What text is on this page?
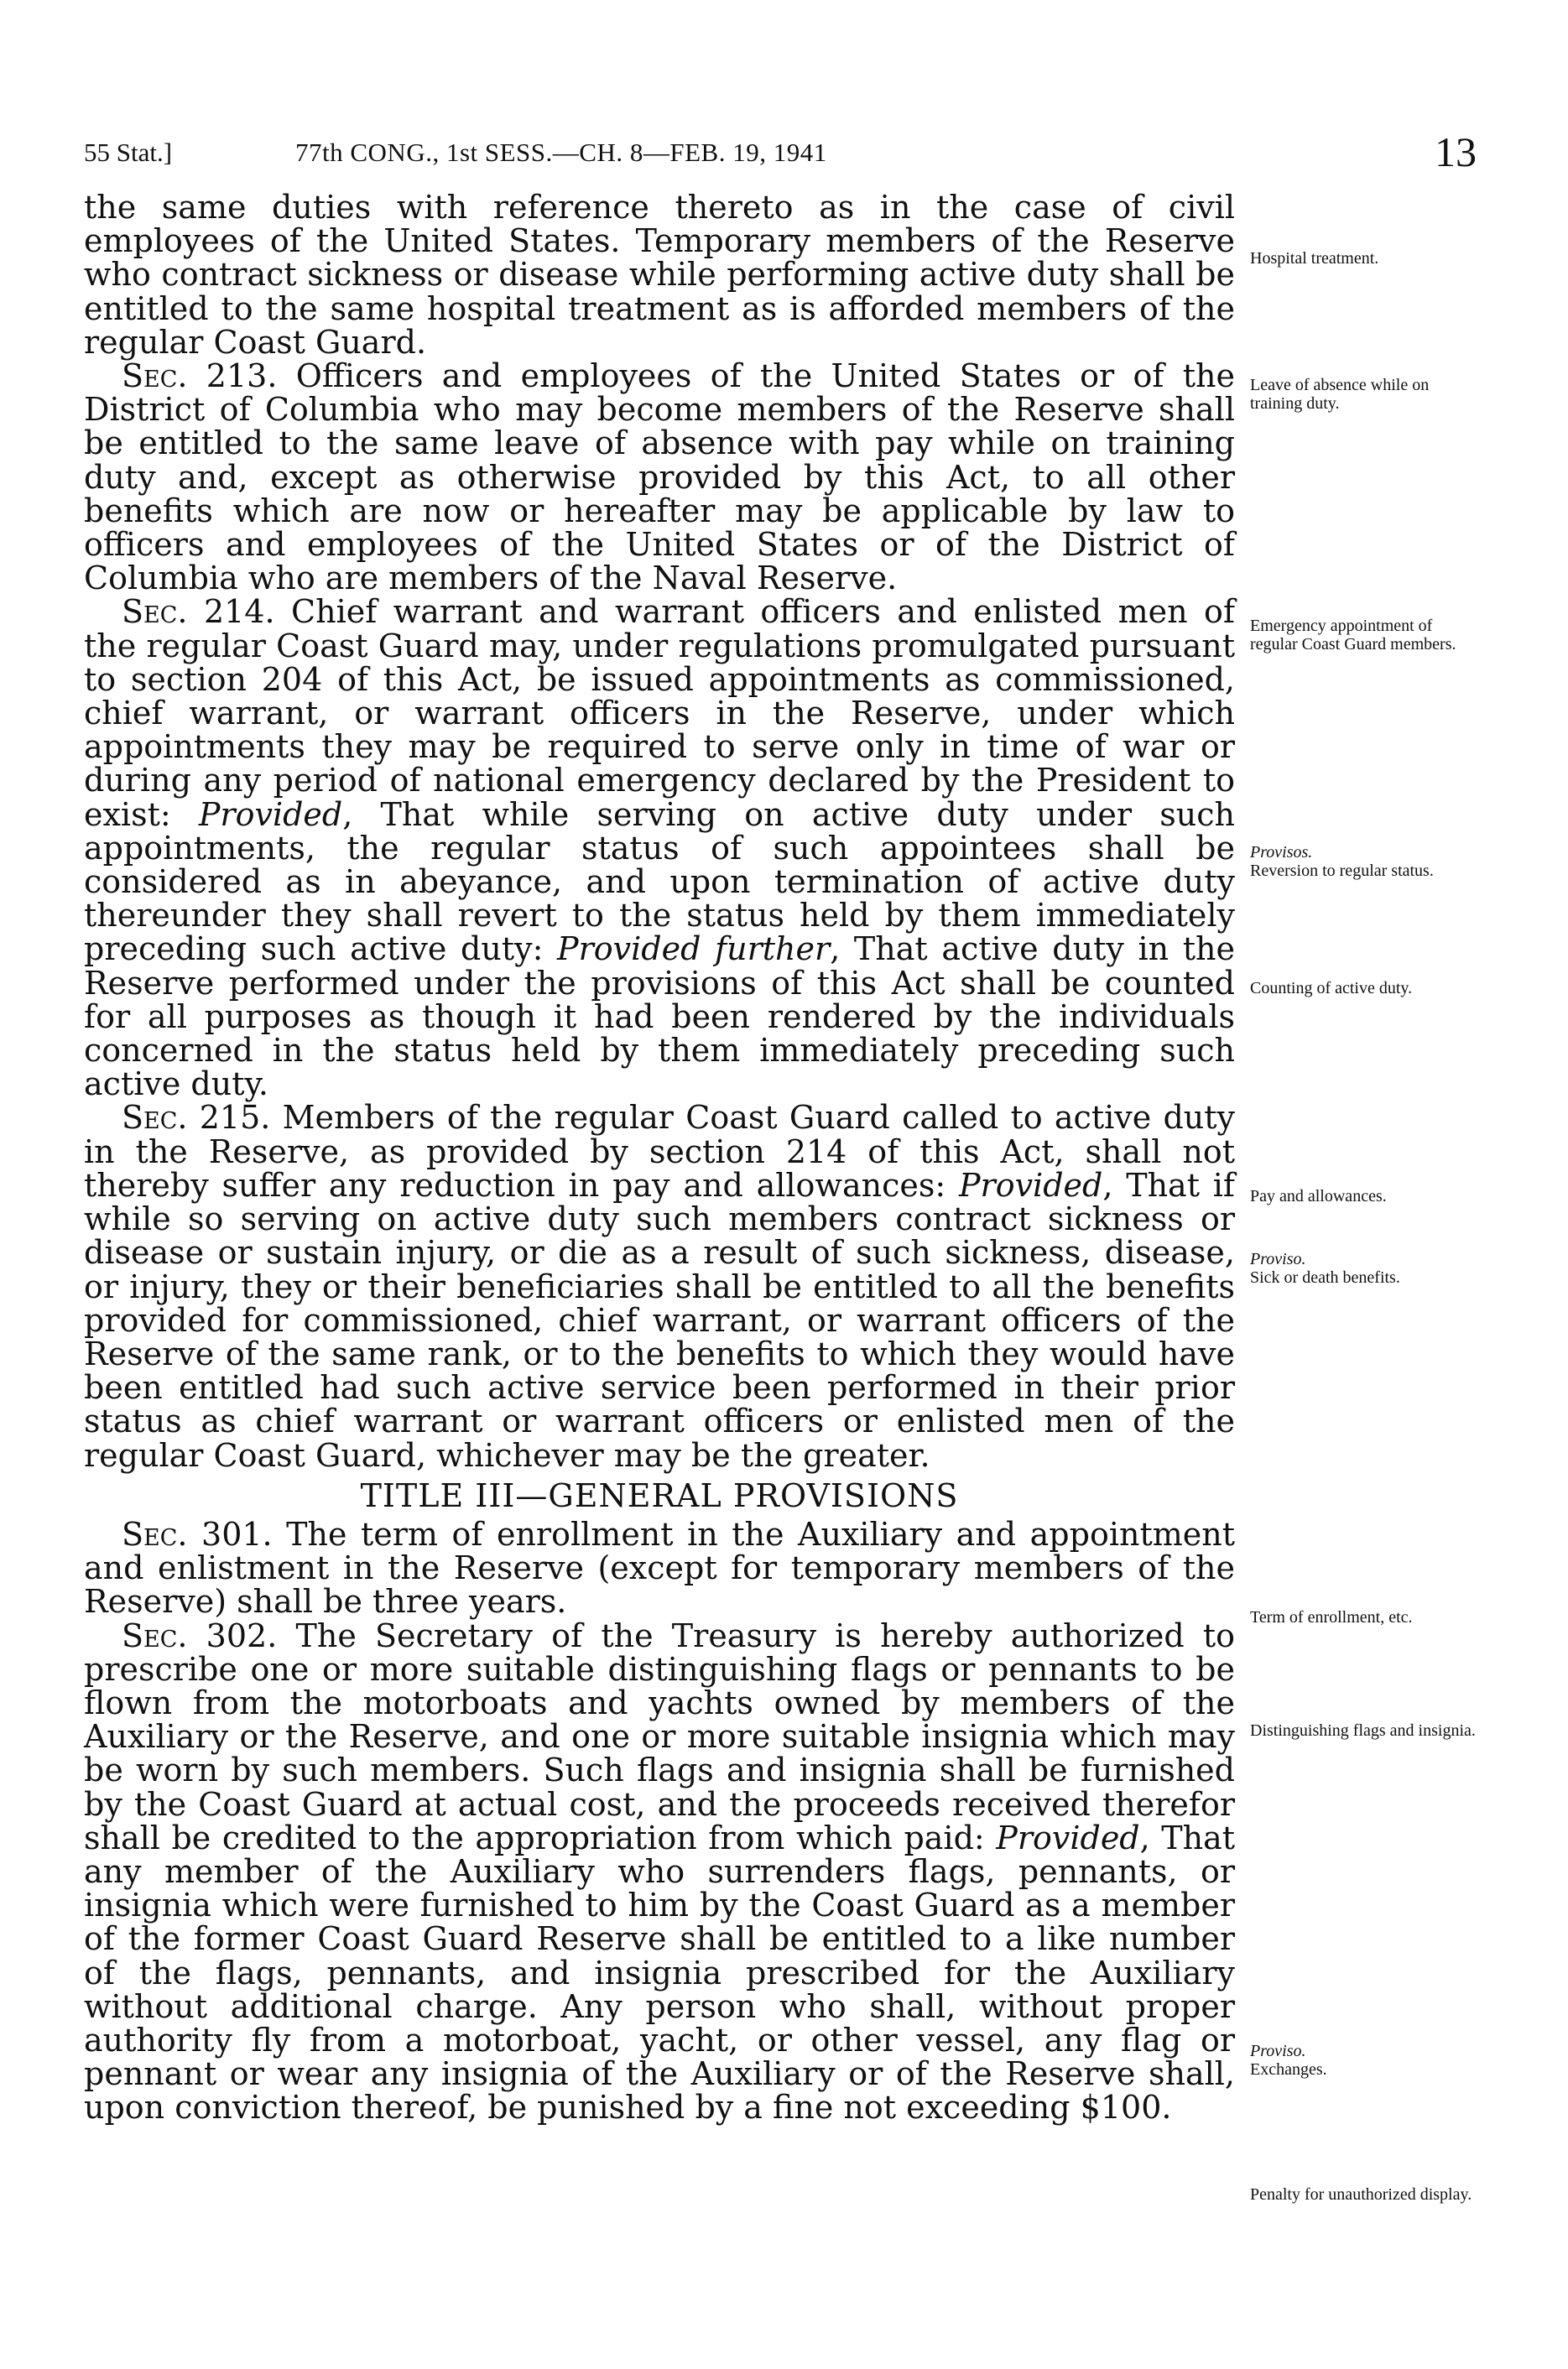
55 Stat.]	77th CONG., 1st SESS.—CH. 8—FEB. 19, 1941	13

the same duties with reference thereto as in the case of civil employees of the United States. Temporary members of the Reserve who contract sickness or disease while performing active duty shall be entitled to the same hospital treatment as is afforded members of the regular Coast Guard.

Sec. 213. Officers and employees of the United States or of the District of Columbia who may become members of the Reserve shall be entitled to the same leave of absence with pay while on training duty and, except as otherwise provided by this Act, to all other benefits which are now or hereafter may be applicable by law to officers and employees of the United States or of the District of Columbia who are members of the Naval Reserve.

Sec. 214. Chief warrant and warrant officers and enlisted men of the regular Coast Guard may, under regulations promulgated pursuant to section 204 of this Act, be issued appointments as commissioned, chief warrant, or warrant officers in the Reserve, under which appointments they may be required to serve only in time of war or during any period of national emergency declared by the President to exist: Provided, That while serving on active duty under such appointments, the regular status of such appointees shall be considered as in abeyance, and upon termination of active duty thereunder they shall revert to the status held by them immediately preceding such active duty: Provided further, That active duty in the Reserve performed under the provisions of this Act shall be counted for all purposes as though it had been rendered by the individuals concerned in the status held by them immediately preceding such active duty.

Sec. 215. Members of the regular Coast Guard called to active duty in the Reserve, as provided by section 214 of this Act, shall not thereby suffer any reduction in pay and allowances: Provided, That if while so serving on active duty such members contract sickness or disease or sustain injury, or die as a result of such sickness, disease, or injury, they or their beneficiaries shall be entitled to all the benefits provided for commissioned, chief warrant, or warrant officers of the Reserve of the same rank, or to the benefits to which they would have been entitled had such active service been performed in their prior status as chief warrant or warrant officers or enlisted men of the regular Coast Guard, whichever may be the greater.

TITLE III—GENERAL PROVISIONS

Sec. 301. The term of enrollment in the Auxiliary and appointment and enlistment in the Reserve (except for temporary members of the Reserve) shall be three years.

Sec. 302. The Secretary of the Treasury is hereby authorized to prescribe one or more suitable distinguishing flags or pennants to be flown from the motorboats and yachts owned by members of the Auxiliary or the Reserve, and one or more suitable insignia which may be worn by such members. Such flags and insignia shall be furnished by the Coast Guard at actual cost, and the proceeds received therefor shall be credited to the appropriation from which paid: Provided, That any member of the Auxiliary who surrenders flags, pennants, or insignia which were furnished to him by the Coast Guard as a member of the former Coast Guard Reserve shall be entitled to a like number of the flags, pennants, and insignia prescribed for the Auxiliary without additional charge. Any person who shall, without proper authority fly from a motorboat, yacht, or other vessel, any flag or pennant or wear any insignia of the Auxiliary or of the Reserve shall, upon conviction thereof, be punished by a fine not exceeding $100.

Hospital treatment.
Leave of absence while on training duty.
Emergency appointment of regular Coast Guard members.
Provisos.
Reversion to regular status.
Counting of active duty.
Pay and allowances.
Proviso.
Sick or death benefits.
Term of enrollment, etc.
Distinguishing flags and insignia.
Proviso.
Exchanges.
Penalty for unauthorized display.
